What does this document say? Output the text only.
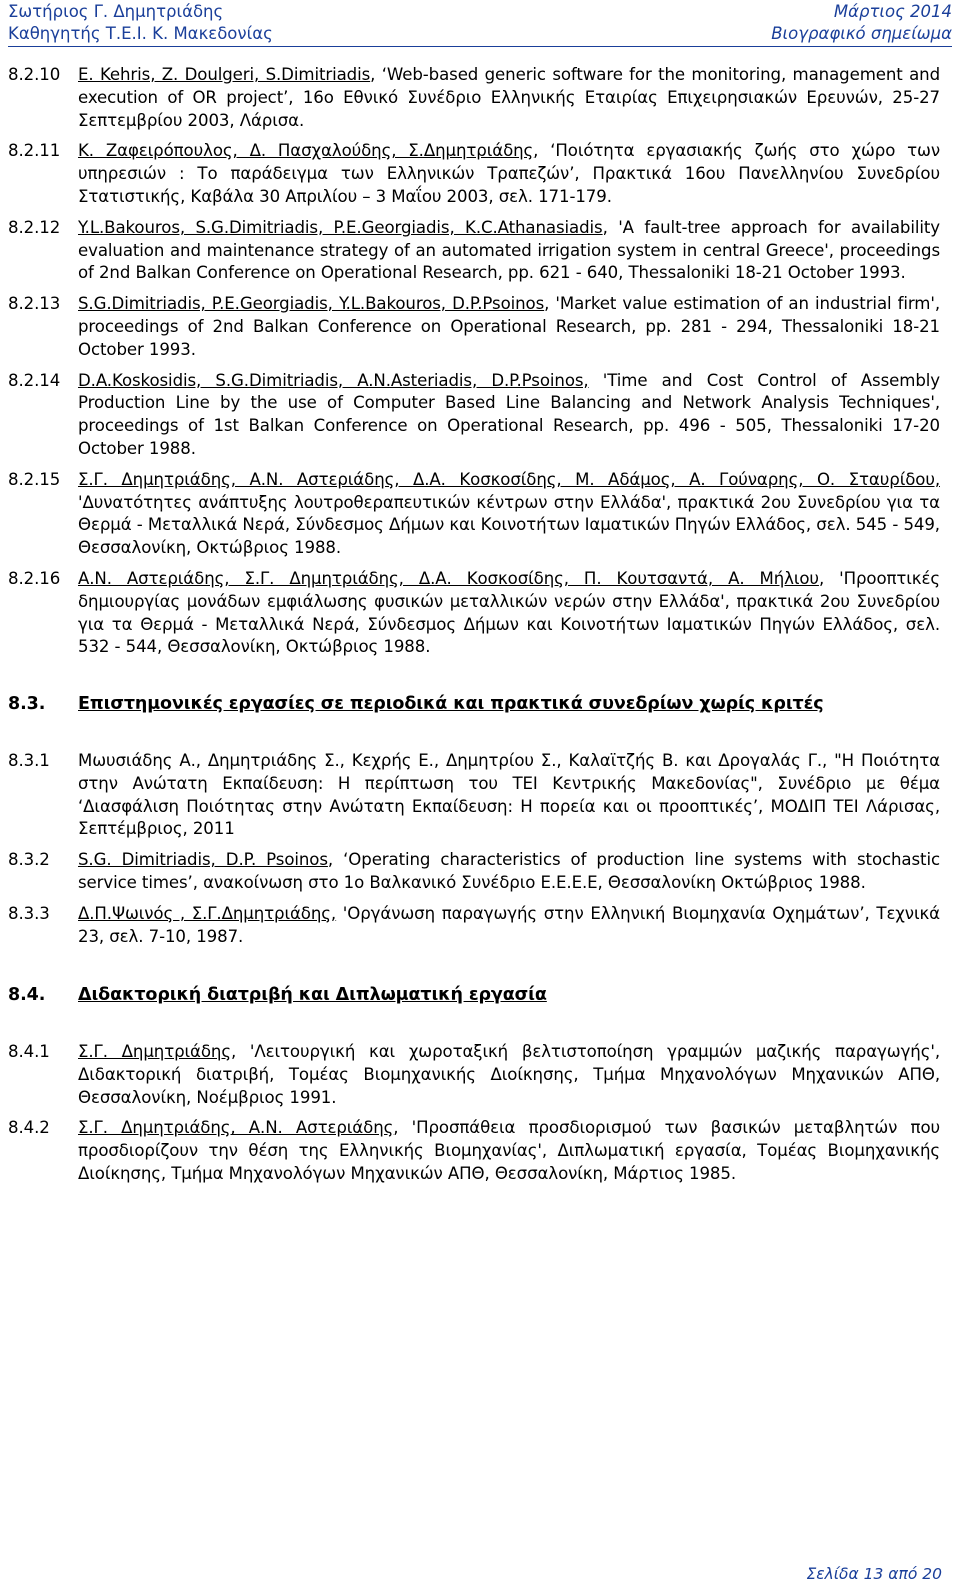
Σωτήριος Γ. Δημητριάδης
Καθηγητής Τ.Ε.Ι. Κ. Μακεδονίας
Μάρτιος 2014
Βιογραφικό σημείωμα
8.2.10 E. Kehris, Z. Doulgeri, S.Dimitriadis, ‘Web-based generic software for the monitoring, management and execution of OR project’, 16ο Εθνικό Συνέδριο Ελληνικής Εταιρίας Επιχειρησιακών Ερευνών, 25-27 Σεπτεμβρίου 2003, Λάρισα.
8.2.11 Κ. Ζαφειρόπουλος, Δ. Πασχαλούδης, Σ.Δημητριάδης, ‘Ποιότητα εργασιακής ζωής στο χώρο των υπηρεσιών : Το παράδειγμα των Ελληνικών Τραπεζών’, Πρακτικά 16ου Πανελληνίου Συνεδρίου Στατιστικής, Καβάλα 30 Απριλίου – 3 Μαΐου 2003, σελ. 171-179.
8.2.12 Y.L.Bakouros, S.G.Dimitriadis, P.E.Georgiadis, K.C.Athanasiadis, 'A fault-tree approach for availability evaluation and maintenance strategy of an automated irrigation system in central Greece', proceedings of 2nd Balkan Conference on Operational Research, pp. 621 - 640, Thessaloniki 18-21 October 1993.
8.2.13 S.G.Dimitriadis, P.E.Georgiadis, Y.L.Bakouros, D.P.Psoinos, 'Market value estimation of an industrial firm', proceedings of 2nd Balkan Conference on Operational Research, pp. 281 - 294, Thessaloniki 18-21 October 1993.
8.2.14 D.A.Koskosidis, S.G.Dimitriadis, A.N.Asteriadis, D.P.Psoinos, 'Time and Cost Control of Assembly Production Line by the use of Computer Based Line Balancing and Network Analysis Techniques', proceedings of 1st Balkan Conference on Operational Research, pp. 496 - 505, Thessaloniki 17-20 October 1988.
8.2.15 Σ.Γ. Δημητριάδης, Α.Ν. Αστεριάδης, Δ.Α. Κοσκοσίδης, Μ. Αδάμος, Α. Γούναρης, Ο. Σταυρίδου, 'Δυνατότητες ανάπτυξης λουτροθεραπευτικών κέντρων στην Ελλάδα', πρακτικά 2ου Συνεδρίου για τα Θερμά - Μεταλλικά Νερά, Σύνδεσμος Δήμων και Κοινοτήτων Ιαματικών Πηγών Ελλάδος, σελ. 545 - 549, Θεσσαλονίκη, Οκτώβριος 1988.
8.2.16 Α.Ν. Αστεριάδης, Σ.Γ. Δημητριάδης, Δ.Α. Κοσκοσίδης, Π. Κουτσαντά, Α. Μήλιου, 'Προοπτικές δημιουργίας μονάδων εμφιάλωσης φυσικών μεταλλικών νερών στην Ελλάδα', πρακτικά 2ου Συνεδρίου για τα Θερμά - Μεταλλικά Νερά, Σύνδεσμος Δήμων και Κοινοτήτων Ιαματικών Πηγών Ελλάδος, σελ. 532 - 544, Θεσσαλονίκη, Οκτώβριος 1988.
8.3. Επιστημονικές εργασίες σε περιοδικά και πρακτικά συνεδρίων χωρίς κριτές
8.3.1 Μωυσιάδης Α., Δημητριάδης Σ., Κεχρής Ε., Δημητρίου Σ., Καλαϊτζής Β. και Δρογαλάς Γ., "Η Ποιότητα στην Ανώτατη Εκπαίδευση: Η περίπτωση του ΤΕΙ Κεντρικής Μακεδονίας", Συνέδριο με θέμα ‘Διασφάλιση Ποιότητας στην Ανώτατη Εκπαίδευση: Η πορεία και οι προοπτικές’, ΜΟΔΙΠ ΤΕΙ Λάρισας, Σεπτέμβριος, 2011
8.3.2 S.G. Dimitriadis, D.P. Psoinos, ‘Operating characteristics of production line systems with stochastic service times’, ανακοίνωση στο 1ο Βαλκανικό Συνέδριο Ε.Ε.Ε.Ε, Θεσσαλονίκη Οκτώβριος 1988.
8.3.3 Δ.Π.Ψωινός , Σ.Γ.Δημητριάδης, 'Οργάνωση παραγωγής στην Ελληνική Βιομηχανία Οχημάτων’, Τεχνικά 23, σελ. 7-10, 1987.
8.4. Διδακτορική διατριβή και Διπλωματική εργασία
8.4.1 Σ.Γ. Δημητριάδης, 'Λειτουργική και χωροταξική βελτιστοποίηση γραμμών μαζικής παραγωγής', Διδακτορική διατριβή, Τομέας Βιομηχανικής Διοίκησης, Τμήμα Μηχανολόγων Μηχανικών ΑΠΘ, Θεσσαλονίκη, Νοέμβριος 1991.
8.4.2 Σ.Γ. Δημητριάδης, Α.Ν. Αστεριάδης, 'Προσπάθεια προσδιορισμού των βασικών μεταβλητών που προσδιορίζουν την θέση της Ελληνικής Βιομηχανίας', Διπλωματική εργασία, Τομέας Βιομηχανικής Διοίκησης, Τμήμα Μηχανολόγων Μηχανικών ΑΠΘ, Θεσσαλονίκη, Μάρτιος 1985.
Σελίδα 13 από 20
